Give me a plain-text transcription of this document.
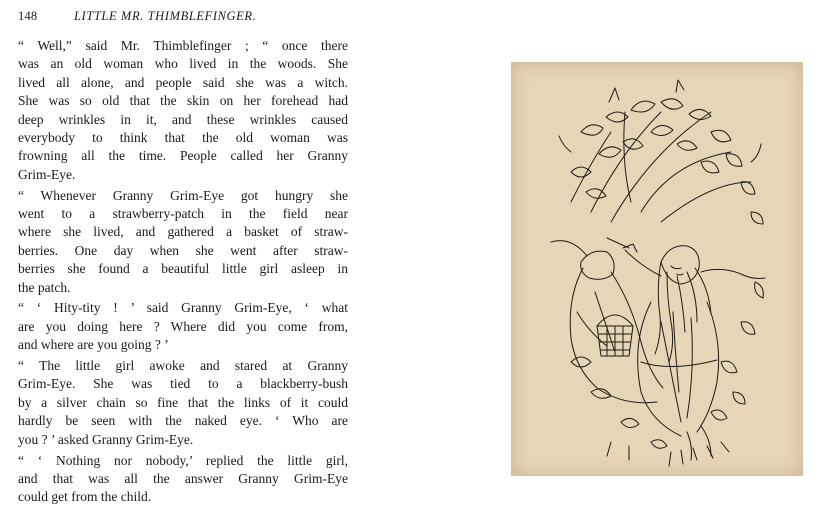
148	LITTLE MR. THIMBLEFINGER.
“ Well,” said Mr. Thimblefinger ; “ once there
was an old woman who lived in the woods. She
lived all alone, and people said she was a witch.
She was so old that the skin on her forehead had
deep wrinkles in it, and these wrinkles caused
everybody to think that the old woman was
frowning all the time. People called her Granny
Grim-Eye.
“ Whenever Granny Grim-Eye got hungry she
went to a strawberry-patch in the field near
where she lived, and gathered a basket of straw-
berries. One day when she went after straw-
berries she found a beautiful little girl asleep in
the patch.
“ ‘ Hity-tity ! ’ said Granny Grim-Eye, ‘ what
are you doing here ? Where did you come from,
and where are you going ? ’
“ The little girl awoke and stared at Granny
Grim-Eye. She was tied to a blackberry-bush
by a silver chain so fine that the links of it could
hardly be seen with the naked eye. ‘ Who are
you ? ’ asked Granny Grim-Eye.
“ ‘ Nothing nor nobody,’ replied the little girl,
and that was all the answer Granny Grim-Eye
could get from the child.
